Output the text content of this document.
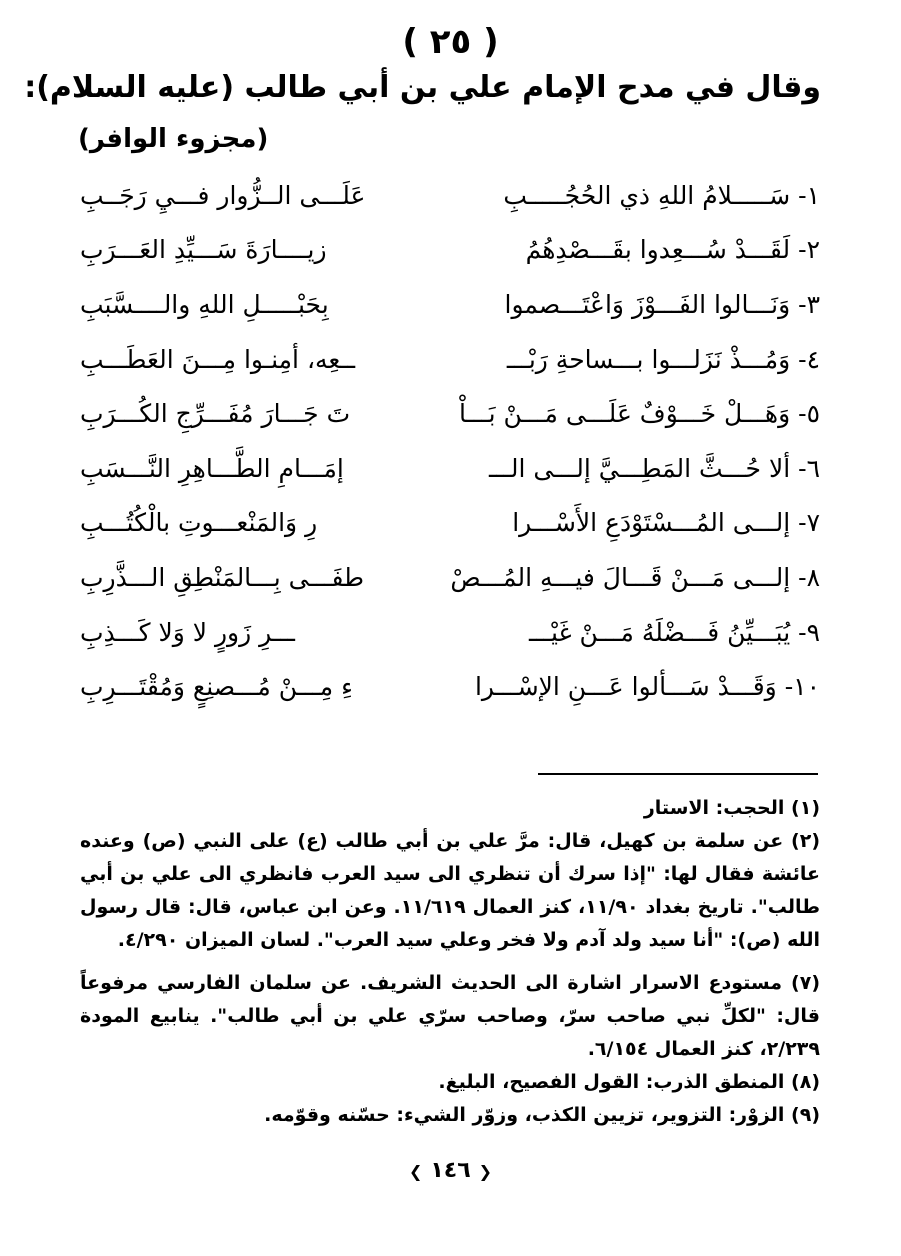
( ٢٥ )
وقال في مدح الإمام علي بن أبي طالب (عليه السلام):
(مجزوء الوافر)
١- سَـــــلامُ اللهِ ذي الحُجُـــــبِ
عَلَـــى الــزُّوار فـــيِ رَجَــبِ
٢- لَقَـــدْ سُـــعِدوا بقَـــصْدِهُمُ
زيــــارَةَ سَـــيِّدِ العَـــرَبِ
٣- وَنَـــالوا الفَـــوْزَ وَاعْتَـــصموا
بِحَبْـــــلِ اللهِ والــــسَّبَبِ
٤- وَمُـــذْ نَزَلـــوا بـــساحةِ رَبْـــ
ــعِه، أمِنـوا مِـــنَ العَطَـــبِ
٥- وَهَـــلْ خَـــوْفٌ عَلَـــى مَـــنْ بَـــاْ
تَ جَـــارَ مُفَـــرِّجِ الكُـــرَبِ
٦- ألا حُـــثَّ المَطِـــيَّ إلـــى الـــ
إمَـــامِ الطَّـــاهِرِ النَّـــسَبِ
٧- إلـــى المُـــسْتَوْدَعِ الأَسْـــرا
رِ وَالمَنْعـــوتِ بالْكُتُـــبِ
٨- إلـــى مَـــنْ قَـــالَ فيـــهِ المُـــصْ
طفَـــى بِـــالمَنْطِقِ الـــذَّرِبِ
٩- يُبَـــيِّنُ فَـــضْلَهُ مَـــنْ غَيْـــ
ـــرِ زَورٍ لا وَلا كَـــذِبِ
١٠- وَقَـــدْ سَـــألوا عَـــنِ الإسْـــرا
ءِ مِـــنْ مُـــصنِعٍ وَمُقْتَـــرِبِ

(١) الحجب: الاستار

(٢) عن سلمة بن كهيل، قال: مرَّ علي بن أبي طالب (ع) على النبي (ص) وعنده عائشة فقال لها: "إذا سرك أن تنظري الى سيد العرب فانظري الى علي بن أبي طالب". تاريخ بغداد ١١/٩٠، كنز العمال ١١/٦١٩. وعن ابن عباس، قال: قال رسول الله (ص): "أنا سيد ولد آدم ولا فخر وعلي سيد العرب". لسان الميزان ٤/٢٩٠.

(٧) مستودع الاسرار اشارة الى الحديث الشريف. عن سلمان الفارسي مرفوعاً قال: "لكلِّ نبي صاحب سرّ، وصاحب سرّي علي بن أبي طالب". ينابيع المودة ٢/٢٣٩، كنز العمال ٦/١٥٤.

(٨) المنطق الذرب: القول الفصيح، البليغ.

(٩) الزوْر: التزوير، تزيين الكذب، وزوّر الشيء: حسّنه وقوّمه.

❮ ١٤٦ ❯
